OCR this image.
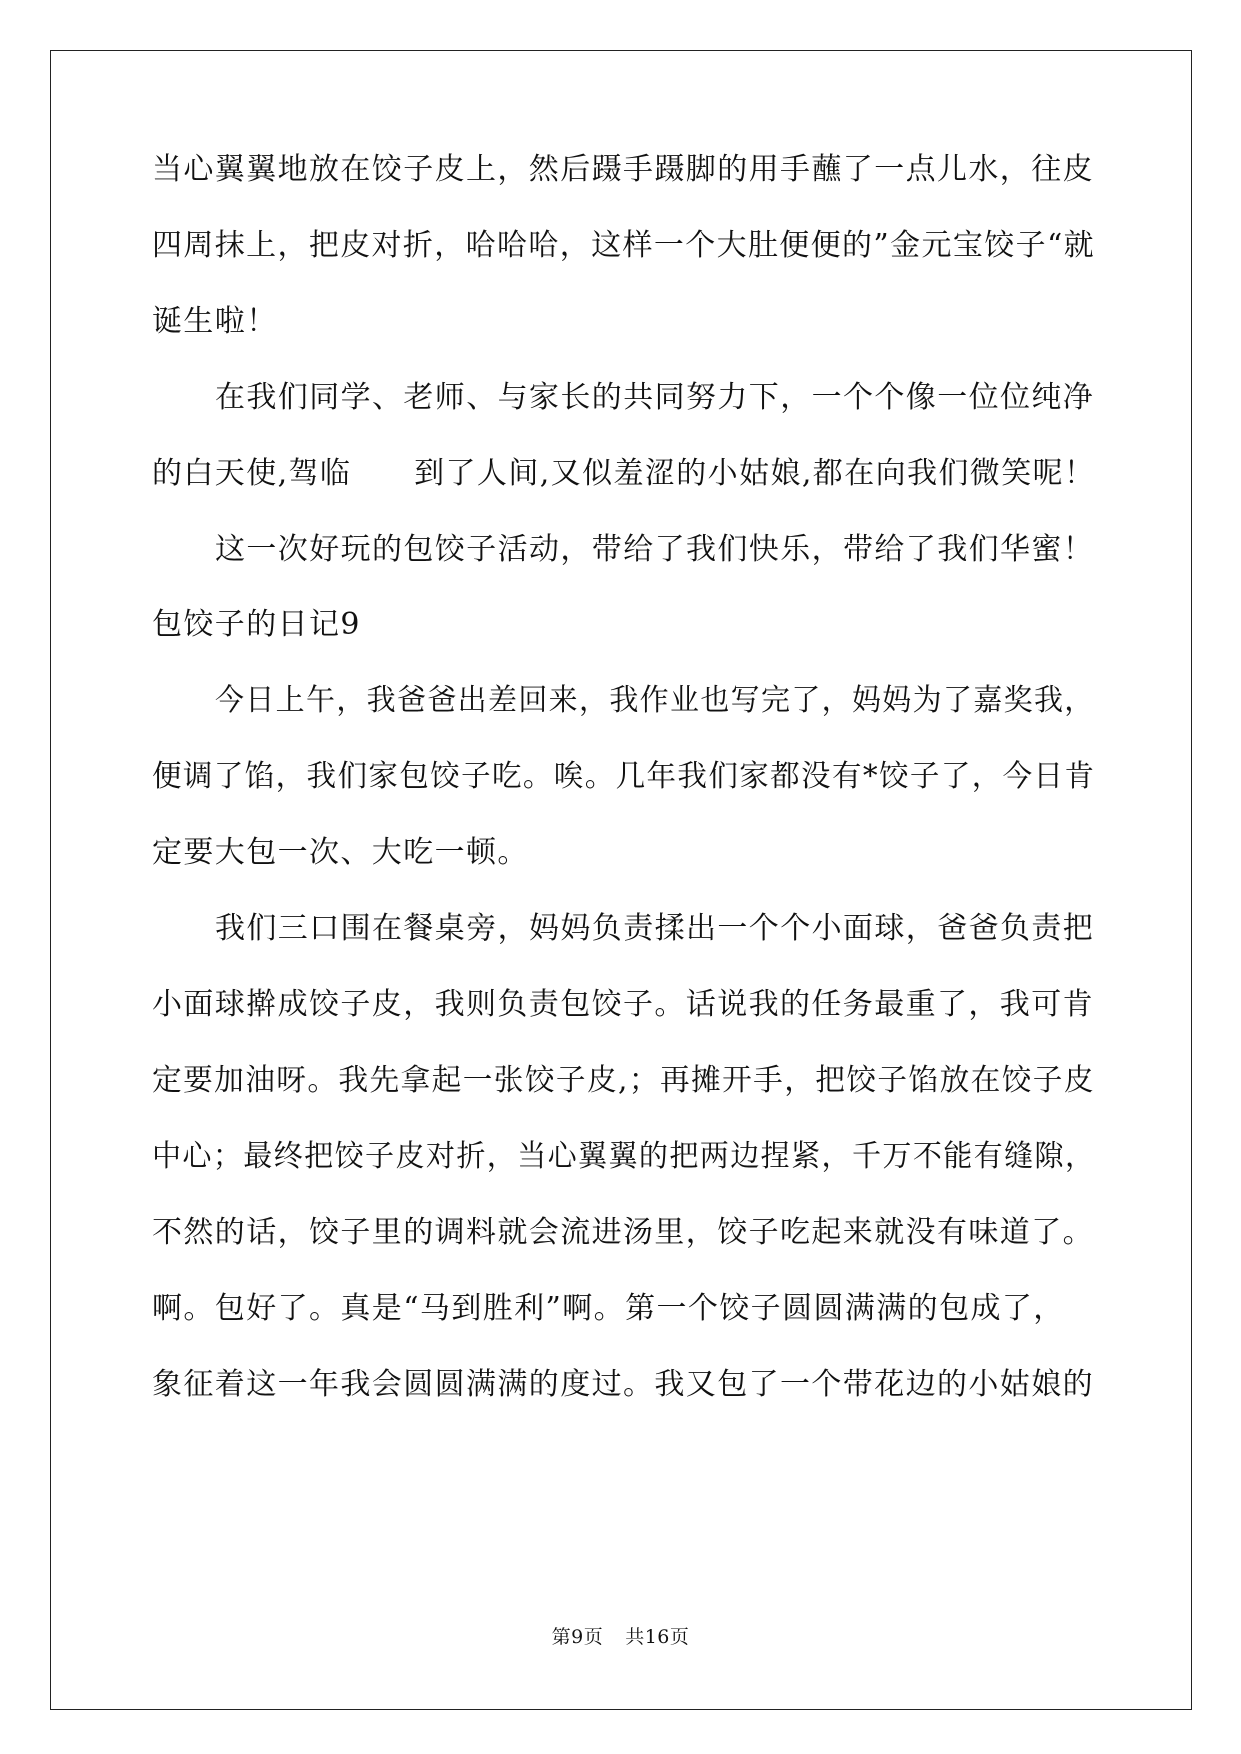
当心翼翼地放在饺子皮上，然后蹑手蹑脚的用手蘸了一点儿水，往皮

四周抹上，把皮对折，哈哈哈，这样一个大肚便便的”金元宝饺子“就

诞生啦！

在我们同学、老师、与家长的共同努力下，一个个像一位位纯净

的白天使,驾临　　到了人间,又似羞涩的小姑娘,都在向我们微笑呢！

这一次好玩的包饺子活动，带给了我们快乐，带给了我们华蜜！

包饺子的日记9

今日上午，我爸爸出差回来，我作业也写完了，妈妈为了嘉奖我，

便调了馅，我们家包饺子吃。唉。几年我们家都没有*饺子了，今日肯

定要大包一次、大吃一顿。

我们三口围在餐桌旁，妈妈负责揉出一个个小面球，爸爸负责把

小面球擀成饺子皮，我则负责包饺子。话说我的任务最重了，我可肯

定要加油呀。我先拿起一张饺子皮,；再摊开手，把饺子馅放在饺子皮

中心；最终把饺子皮对折，当心翼翼的把两边捏紧，千万不能有缝隙，

不然的话，饺子里的调料就会流进汤里，饺子吃起来就没有味道了。

啊。包好了。真是“马到胜利”啊。第一个饺子圆圆满满的包成了，

象征着这一年我会圆圆满满的度过。我又包了一个带花边的小姑娘的

第9页 共16页
